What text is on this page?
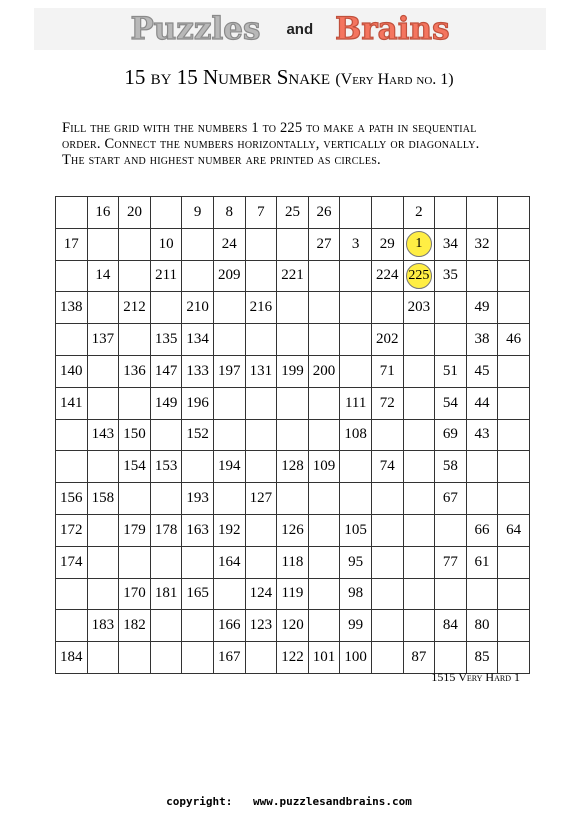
Puzzles and Brains
15 by 15 Number Snake (Very Hard no. 1)
Fill the grid with the numbers 1 to 225 to make a path in sequential
order. Connect the numbers horizontally, vertically or diagonally.
The start and highest number are printed as circles.
	16	20		9	8	7	25	26			2			
17			10		24			27	3	29	1	34	32	
	14		211		209		221			224	225	35		
138		212		210		216					203		49	
	137		135	134						202			38	46
140		136	147	133	197	131	199	200		71		51	45	
141			149	196					111	72		54	44	
	143	150		152					108			69	43	
		154	153		194		128	109		74		58		
156	158			193		127						67		
172		179	178	163	192		126		105				66	64
174					164		118		95			77	61	
		170	181	165		124	119		98					
	183	182			166	123	120		99			84	80	
184					167		122	101	100		87		85	
1515 Very Hard 1
copyright: www.puzzlesandbrains.com
